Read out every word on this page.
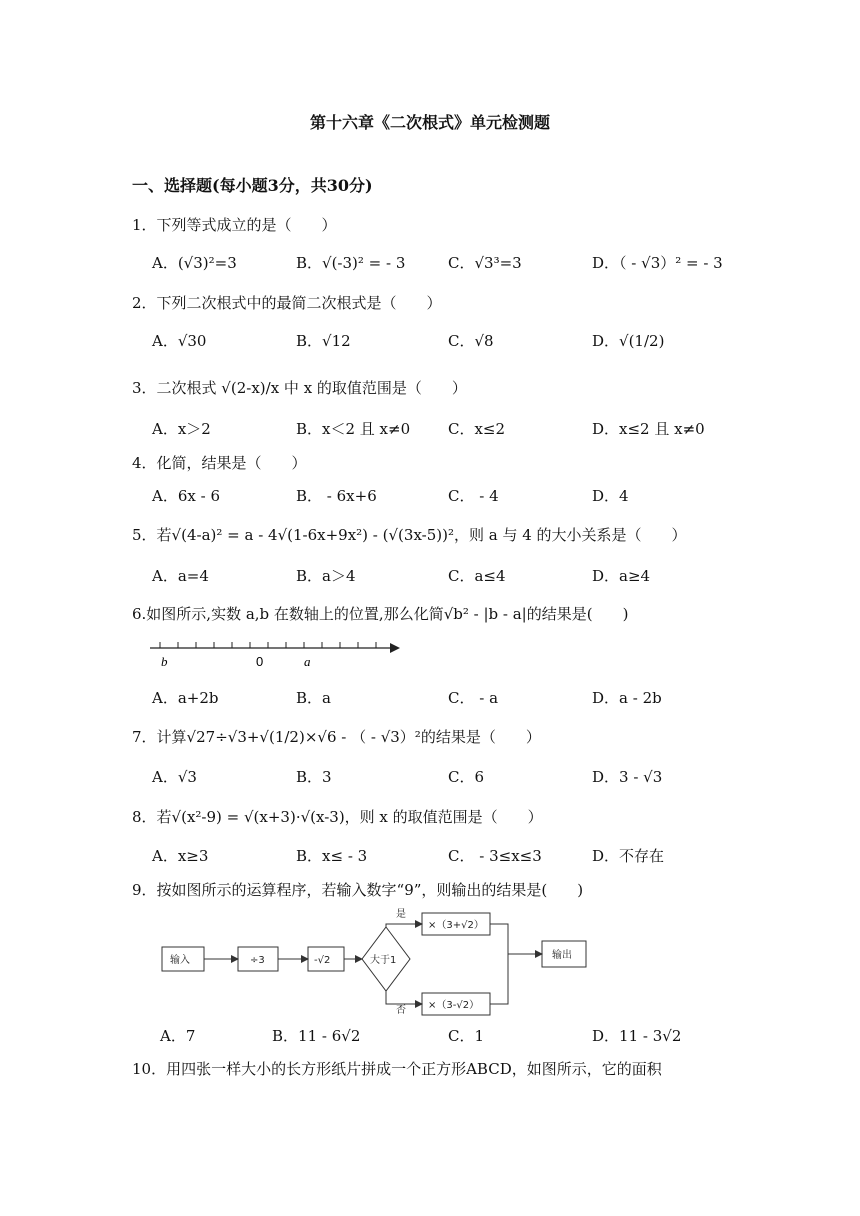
第十六章《二次根式》单元检测题
一、选择题(每小题3分，共30分)
1．下列等式成立的是（　　）
A．(√3)²=3	B．√(-3)² = - 3	C．√3³=3	D．（ - √3）² = - 3
2．下列二次根式中的最简二次根式是（　　）
A．√30	B．√12	C．√8	D．√(1/2)
3．二次根式 √(2-x)/x 中 x 的取值范围是（　　）
A．x＞2	B．x＜2 且 x≠0	C．x≤2	D．x≤2 且 x≠0
4．化简，结果是（　　）
A．6x - 6	B． - 6x+6	C． - 4	D．4
5．若√(4-a)² = a - 4√(1-6x+9x²) - (√(3x-5))²，则 a 与 4 的大小关系是（　　）
A．a=4	B．a＞4	C．a≤4	D．a≥4
6.如图所示,实数 a,b 在数轴上的位置,那么化简√b² - |b - a|的结果是(　　)
b	0	a
A．a+2b	B．a	C． - a	D．a - 2b
7．计算√27÷√3+√(1/2)×√6 - （ - √3）²的结果是（　　）
A．√3	B．3	C．6	D．3 - √3
8．若√(x²-9) = √(x+3)·√(x-3)，则 x 的取值范围是（　　）
A．x≥3	B．x≤ - 3	C． - 3≤x≤3	D．不存在
9．按如图所示的运算程序，若输入数字“9”，则输出的结果是(　　)
输入	÷3	-√2	大于1
是
否
×（3+√2）
×（3-√2）
输出
A．7	B．11 - 6√2	C．1	D．11 - 3√2
10．用四张一样大小的长方形纸片拼成一个正方形ABCD，如图所示，它的面积
